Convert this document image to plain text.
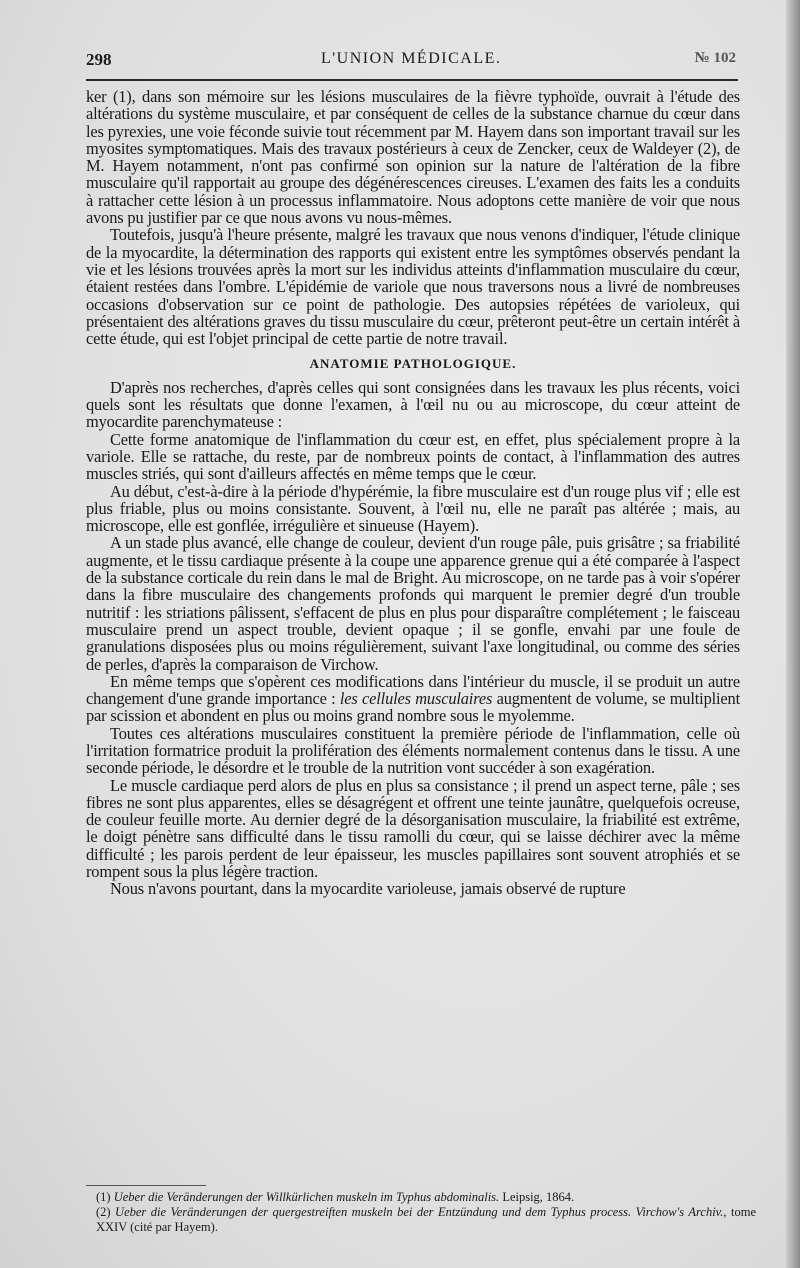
298	L'UNION MÉDICALE.	№ 102

ker (1), dans son mémoire sur les lésions musculaires de la fièvre typhoïde, ouvrait à l'étude des altérations du système musculaire, et par conséquent de celles de la substance charnue du cœur dans les pyrexies, une voie féconde suivie tout récemment par M. Hayem dans son important travail sur les myosites symptomatiques. Mais des travaux postérieurs à ceux de Zencker, ceux de Waldeyer (2), de M. Hayem notamment, n'ont pas confirmé son opinion sur la nature de l'altération de la fibre musculaire qu'il rapportait au groupe des dégénérescences cireuses. L'examen des faits les a conduits à rattacher cette lésion à un processus inflammatoire. Nous adoptons cette manière de voir que nous avons pu justifier par ce que nous avons vu nous-mêmes.

Toutefois, jusqu'à l'heure présente, malgré les travaux que nous venons d'indiquer, l'étude clinique de la myocardite, la détermination des rapports qui existent entre les symptômes observés pendant la vie et les lésions trouvées après la mort sur les individus atteints d'inflammation musculaire du cœur, étaient restées dans l'ombre. L'épidémie de variole que nous traversons nous a livré de nombreuses occasions d'observation sur ce point de pathologie. Des autopsies répétées de varioleux, qui présentaient des altérations graves du tissu musculaire du cœur, prêteront peut-être un certain intérêt à cette étude, qui est l'objet principal de cette partie de notre travail.

ANATOMIE PATHOLOGIQUE.

D'après nos recherches, d'après celles qui sont consignées dans les travaux les plus récents, voici quels sont les résultats que donne l'examen, à l'œil nu ou au microscope, du cœur atteint de myocardite parenchymateuse :

Cette forme anatomique de l'inflammation du cœur est, en effet, plus spécialement propre à la variole. Elle se rattache, du reste, par de nombreux points de contact, à l'inflammation des autres muscles striés, qui sont d'ailleurs affectés en même temps que le cœur.

Au début, c'est-à-dire à la période d'hypérémie, la fibre musculaire est d'un rouge plus vif ; elle est plus friable, plus ou moins consistante. Souvent, à l'œil nu, elle ne paraît pas altérée ; mais, au microscope, elle est gonflée, irrégulière et sinueuse (Hayem).

A un stade plus avancé, elle change de couleur, devient d'un rouge pâle, puis grisâtre ; sa friabilité augmente, et le tissu cardiaque présente à la coupe une apparence grenue qui a été comparée à l'aspect de la substance corticale du rein dans le mal de Bright. Au microscope, on ne tarde pas à voir s'opérer dans la fibre musculaire des changements profonds qui marquent le premier degré d'un trouble nutritif : les striations pâlissent, s'effacent de plus en plus pour disparaître complétement ; le faisceau musculaire prend un aspect trouble, devient opaque ; il se gonfle, envahi par une foule de granulations disposées plus ou moins régulièrement, suivant l'axe longitudinal, ou comme des séries de perles, d'après la comparaison de Virchow.

En même temps que s'opèrent ces modifications dans l'intérieur du muscle, il se produit un autre changement d'une grande importance : les cellules musculaires augmentent de volume, se multiplient par scission et abondent en plus ou moins grand nombre sous le myolemme.

Toutes ces altérations musculaires constituent la première période de l'inflammation, celle où l'irritation formatrice produit la prolifération des éléments normalement contenus dans le tissu. A une seconde période, le désordre et le trouble de la nutrition vont succéder à son exagération.

Le muscle cardiaque perd alors de plus en plus sa consistance ; il prend un aspect terne, pâle ; ses fibres ne sont plus apparentes, elles se désagrégent et offrent une teinte jaunâtre, quelquefois ocreuse, de couleur feuille morte. Au dernier degré de la désorganisation musculaire, la friabilité est extrême, le doigt pénètre sans difficulté dans le tissu ramolli du cœur, qui se laisse déchirer avec la même difficulté ; les parois perdent de leur épaisseur, les muscles papillaires sont souvent atrophiés et se rompent sous la plus légère traction.

Nous n'avons pourtant, dans la myocardite varioleuse, jamais observé de rupture

(1) Ueber die Veränderungen der Willkürlichen muskeln im Typhus abdominalis. Leipsig, 1864.

(2) Ueber die Veränderungen der quergestreiften muskeln bei der Entzündung und dem Typhus process. Virchow's Archiv., tome XXIV (cité par Hayem).
